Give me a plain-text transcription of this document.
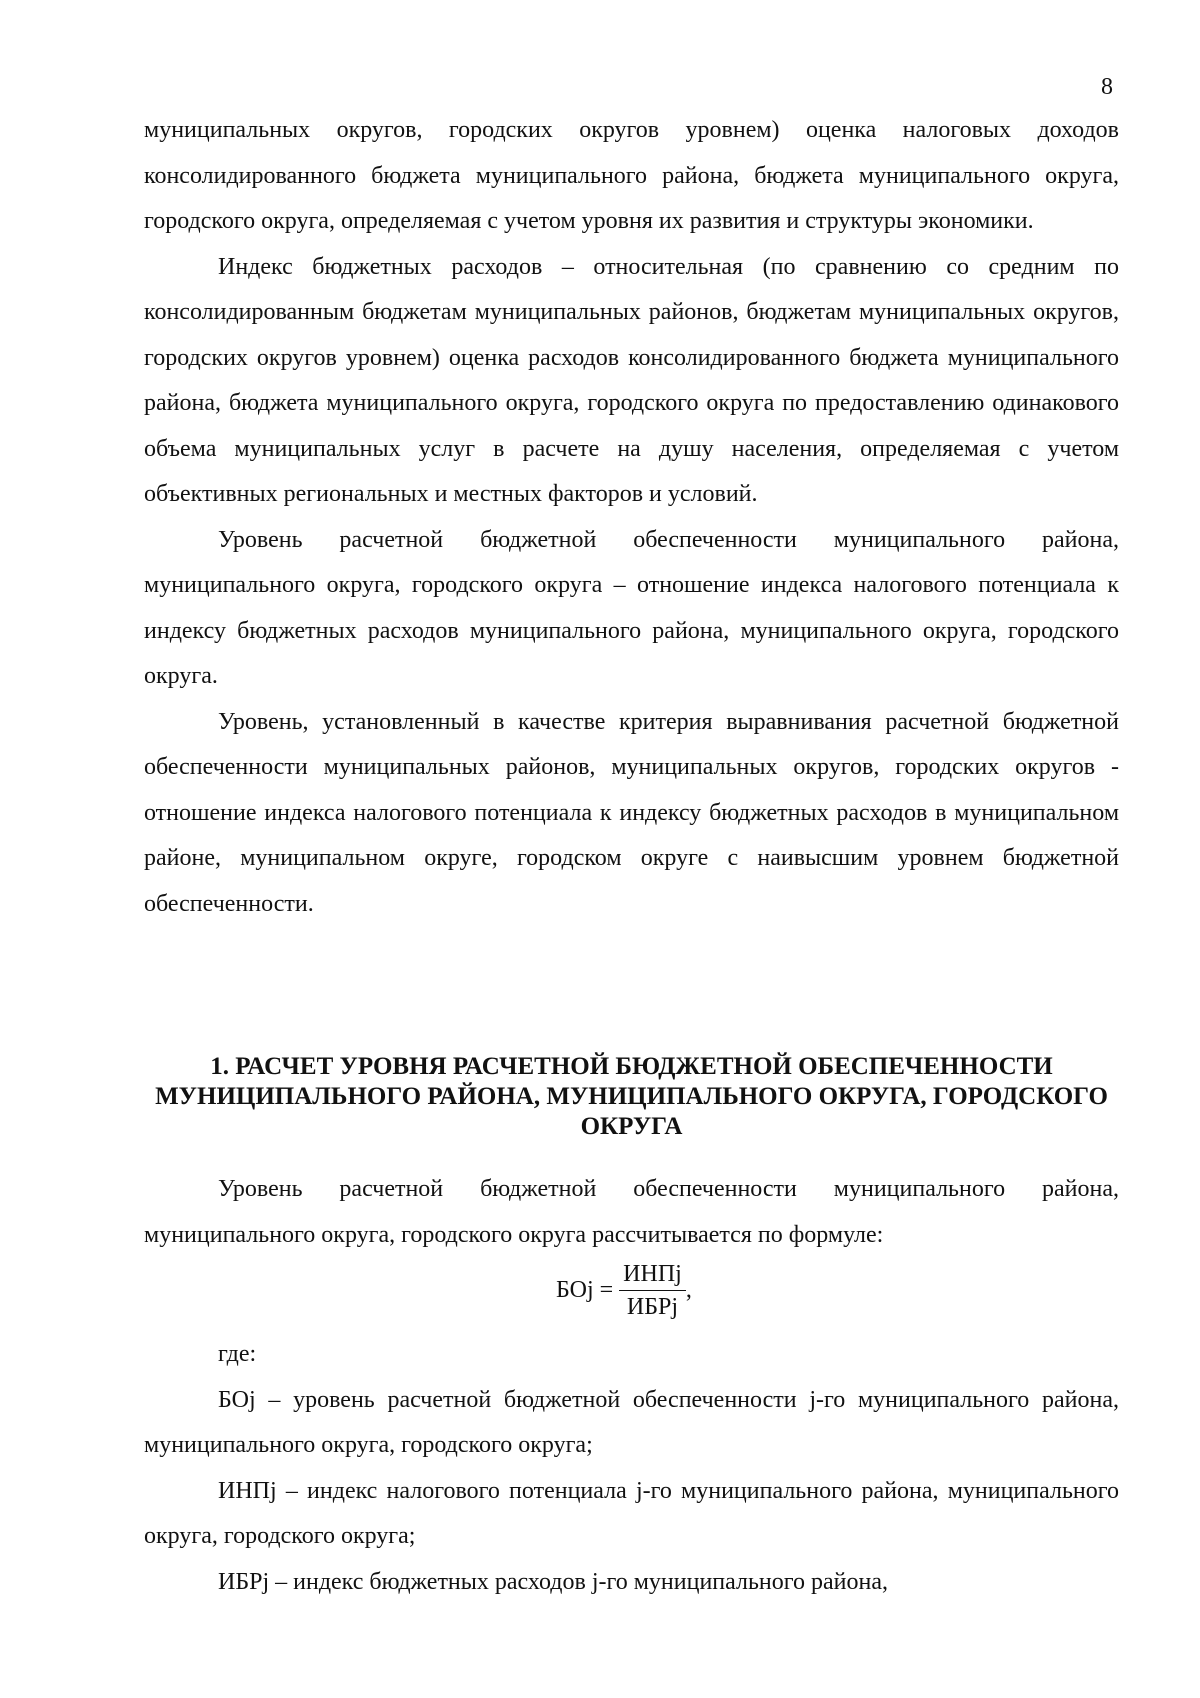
8

муниципальных округов, городских округов уровнем) оценка налоговых доходов консолидированного бюджета муниципального района, бюджета муниципального округа, городского округа, определяемая с учетом уровня их развития и структуры экономики.

Индекс бюджетных расходов – относительная (по сравнению со средним по консолидированным бюджетам муниципальных районов, бюджетам муниципальных округов, городских округов уровнем) оценка расходов консолидированного бюджета муниципального района, бюджета муниципального округа, городского округа по предоставлению одинакового объема муниципальных услуг в расчете на душу населения, определяемая с учетом объективных региональных и местных факторов и условий.

Уровень расчетной бюджетной обеспеченности муниципального района, муниципального округа, городского округа – отношение индекса налогового потенциала к индексу бюджетных расходов муниципального района, муниципального округа, городского округа.

Уровень, установленный в качестве критерия выравнивания расчетной бюджетной обеспеченности муниципальных районов, муниципальных округов, городских округов - отношение индекса налогового потенциала к индексу бюджетных расходов в муниципальном районе, муниципальном округе, городском округе с наивысшим уровнем бюджетной обеспеченности.

1. РАСЧЕТ УРОВНЯ РАСЧЕТНОЙ БЮДЖЕТНОЙ ОБЕСПЕЧЕННОСТИ МУНИЦИПАЛЬНОГО РАЙОНА, МУНИЦИПАЛЬНОГО ОКРУГА, ГОРОДСКОГО ОКРУГА

Уровень расчетной бюджетной обеспеченности муниципального района, муниципального округа, городского округа рассчитывается по формуле:

БОj = $\frac{\text{ИНПj}}{\text{ИБРj}}$ ,

где:

БОj – уровень расчетной бюджетной обеспеченности j-го муниципального района, муниципального округа, городского округа;

ИНПj – индекс налогового потенциала j-го муниципального района, муниципального округа, городского округа;

ИБРj – индекс бюджетных расходов j-го муниципального района,
